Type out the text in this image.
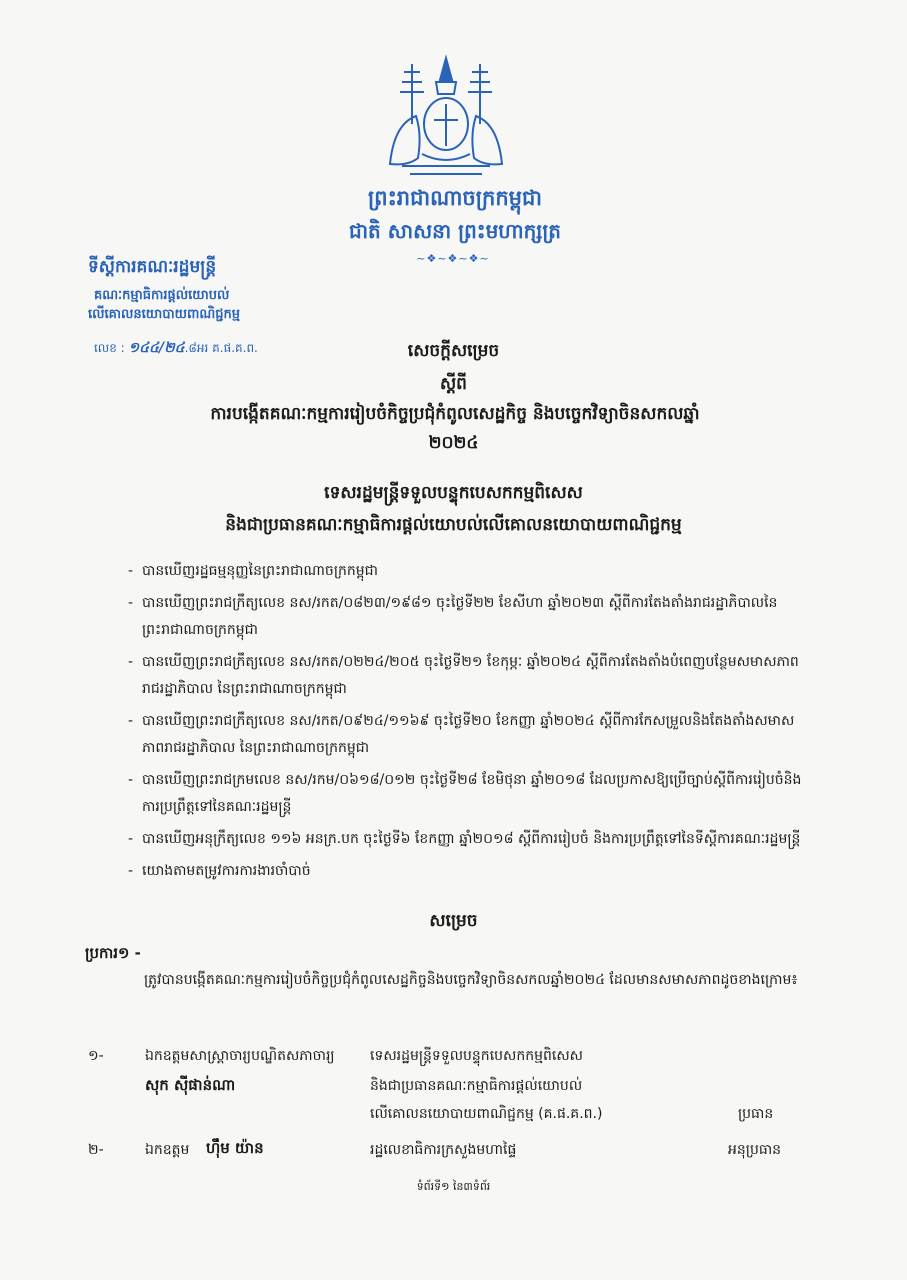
ព្រះរាជាណាចក្រកម្ពុជា
ជាតិ សាសនា ព្រះមហាក្សត្រ
~❖~❖~❖~
ទីស្តីការគណៈរដ្ឋមន្ត្រី
គណៈកម្មាធិការផ្តល់យោបល់
លើគោលនយោបាយពាណិជ្ជកម្ម
លេខ : ១៤៤/២៤.៨អរ គ.ផ.គ.ព.	សេចក្តីសម្រេច
ស្តីពី
ការបង្កើតគណៈកម្មការរៀបចំកិច្ចប្រជុំកំពូលសេដ្ឋកិច្ច និងបច្ចេកវិទ្យាចិនសកលឆ្នាំ
២០២៤
ទេសរដ្ឋមន្ត្រីទទួលបន្ទុកបេសកកម្មពិសេស
និងជាប្រធានគណៈកម្មាធិការផ្តល់យោបល់លើគោលនយោបាយពាណិជ្ជកម្ម
- បានឃើញរដ្ឋធម្មនុញ្ញនៃព្រះរាជាណាចក្រកម្ពុជា
- បានឃើញព្រះរាជក្រឹត្យលេខ នស/រកត/០៨២៣/១៩៨១ ចុះថ្ងៃទី២២ ខែសីហា ឆ្នាំ២០២៣ ស្តីពីការតែងតាំងរាជរដ្ឋាភិបាលនៃព្រះរាជាណាចក្រកម្ពុជា
- បានឃើញព្រះរាជក្រឹត្យលេខ នស/រកត/០២២៤/២០៥ ចុះថ្ងៃទី២១ ខែកុម្ភៈ ឆ្នាំ២០២៤ ស្តីពីការតែងតាំងបំពេញបន្ថែមសមាសភាពរាជរដ្ឋាភិបាល នៃព្រះរាជាណាចក្រកម្ពុជា
- បានឃើញព្រះរាជក្រឹត្យលេខ នស/រកត/០៩២៤/១១៦៩ ចុះថ្ងៃទី២០ ខែកញ្ញា ឆ្នាំ២០២៤ ស្តីពីការកែសម្រួលនិងតែងតាំងសមាសភាពរាជរដ្ឋាភិបាល នៃព្រះរាជាណាចក្រកម្ពុជា
- បានឃើញព្រះរាជក្រមលេខ នស/រកម/០៦១៨/០១២ ចុះថ្ងៃទី២៨ ខែមិថុនា ឆ្នាំ២០១៨ ដែលប្រកាសឱ្យប្រើច្បាប់ស្តីពីការរៀបចំនិងការប្រព្រឹត្តទៅនៃគណៈរដ្ឋមន្ត្រី
- បានឃើញអនុក្រឹត្យលេខ ១១៦ អនក្រ.បក ចុះថ្ងៃទី៦ ខែកញ្ញា ឆ្នាំ២០១៨ ស្តីពីការរៀបចំ និងការប្រព្រឹត្តទៅនៃទីស្តីការគណៈរដ្ឋមន្ត្រី
- យោងតាមតម្រូវការការងារចាំបាច់
សម្រេច
ប្រការ១ -
ត្រូវបានបង្កើតគណៈកម្មការរៀបចំកិច្ចប្រជុំកំពូលសេដ្ឋកិច្ចនិងបច្ចេកវិទ្យាចិនសកលឆ្នាំ២០២៤ ដែលមានសមាសភាពដូចខាងក្រោម៖
១-	ឯកឧត្តមសាស្ត្រាចារ្យបណ្ឌិតសភាចារ្យ
សុក ស៊ីផាន់ណា
ទេសរដ្ឋមន្ត្រីទទួលបន្ទុកបេសកកម្មពិសេស
និងជាប្រធានគណៈកម្មាធិការផ្តល់យោបល់
លើគោលនយោបាយពាណិជ្ជកម្ម (គ.ផ.គ.ព.)	ប្រធាន
២-	ឯកឧត្តម ហ៊ឹម យ៉ាន	រដ្ឋលេខាធិការក្រសួងមហាផ្ទៃ	អនុប្រធាន
ទំព័រទី១ នៃ៣ទំព័រ
